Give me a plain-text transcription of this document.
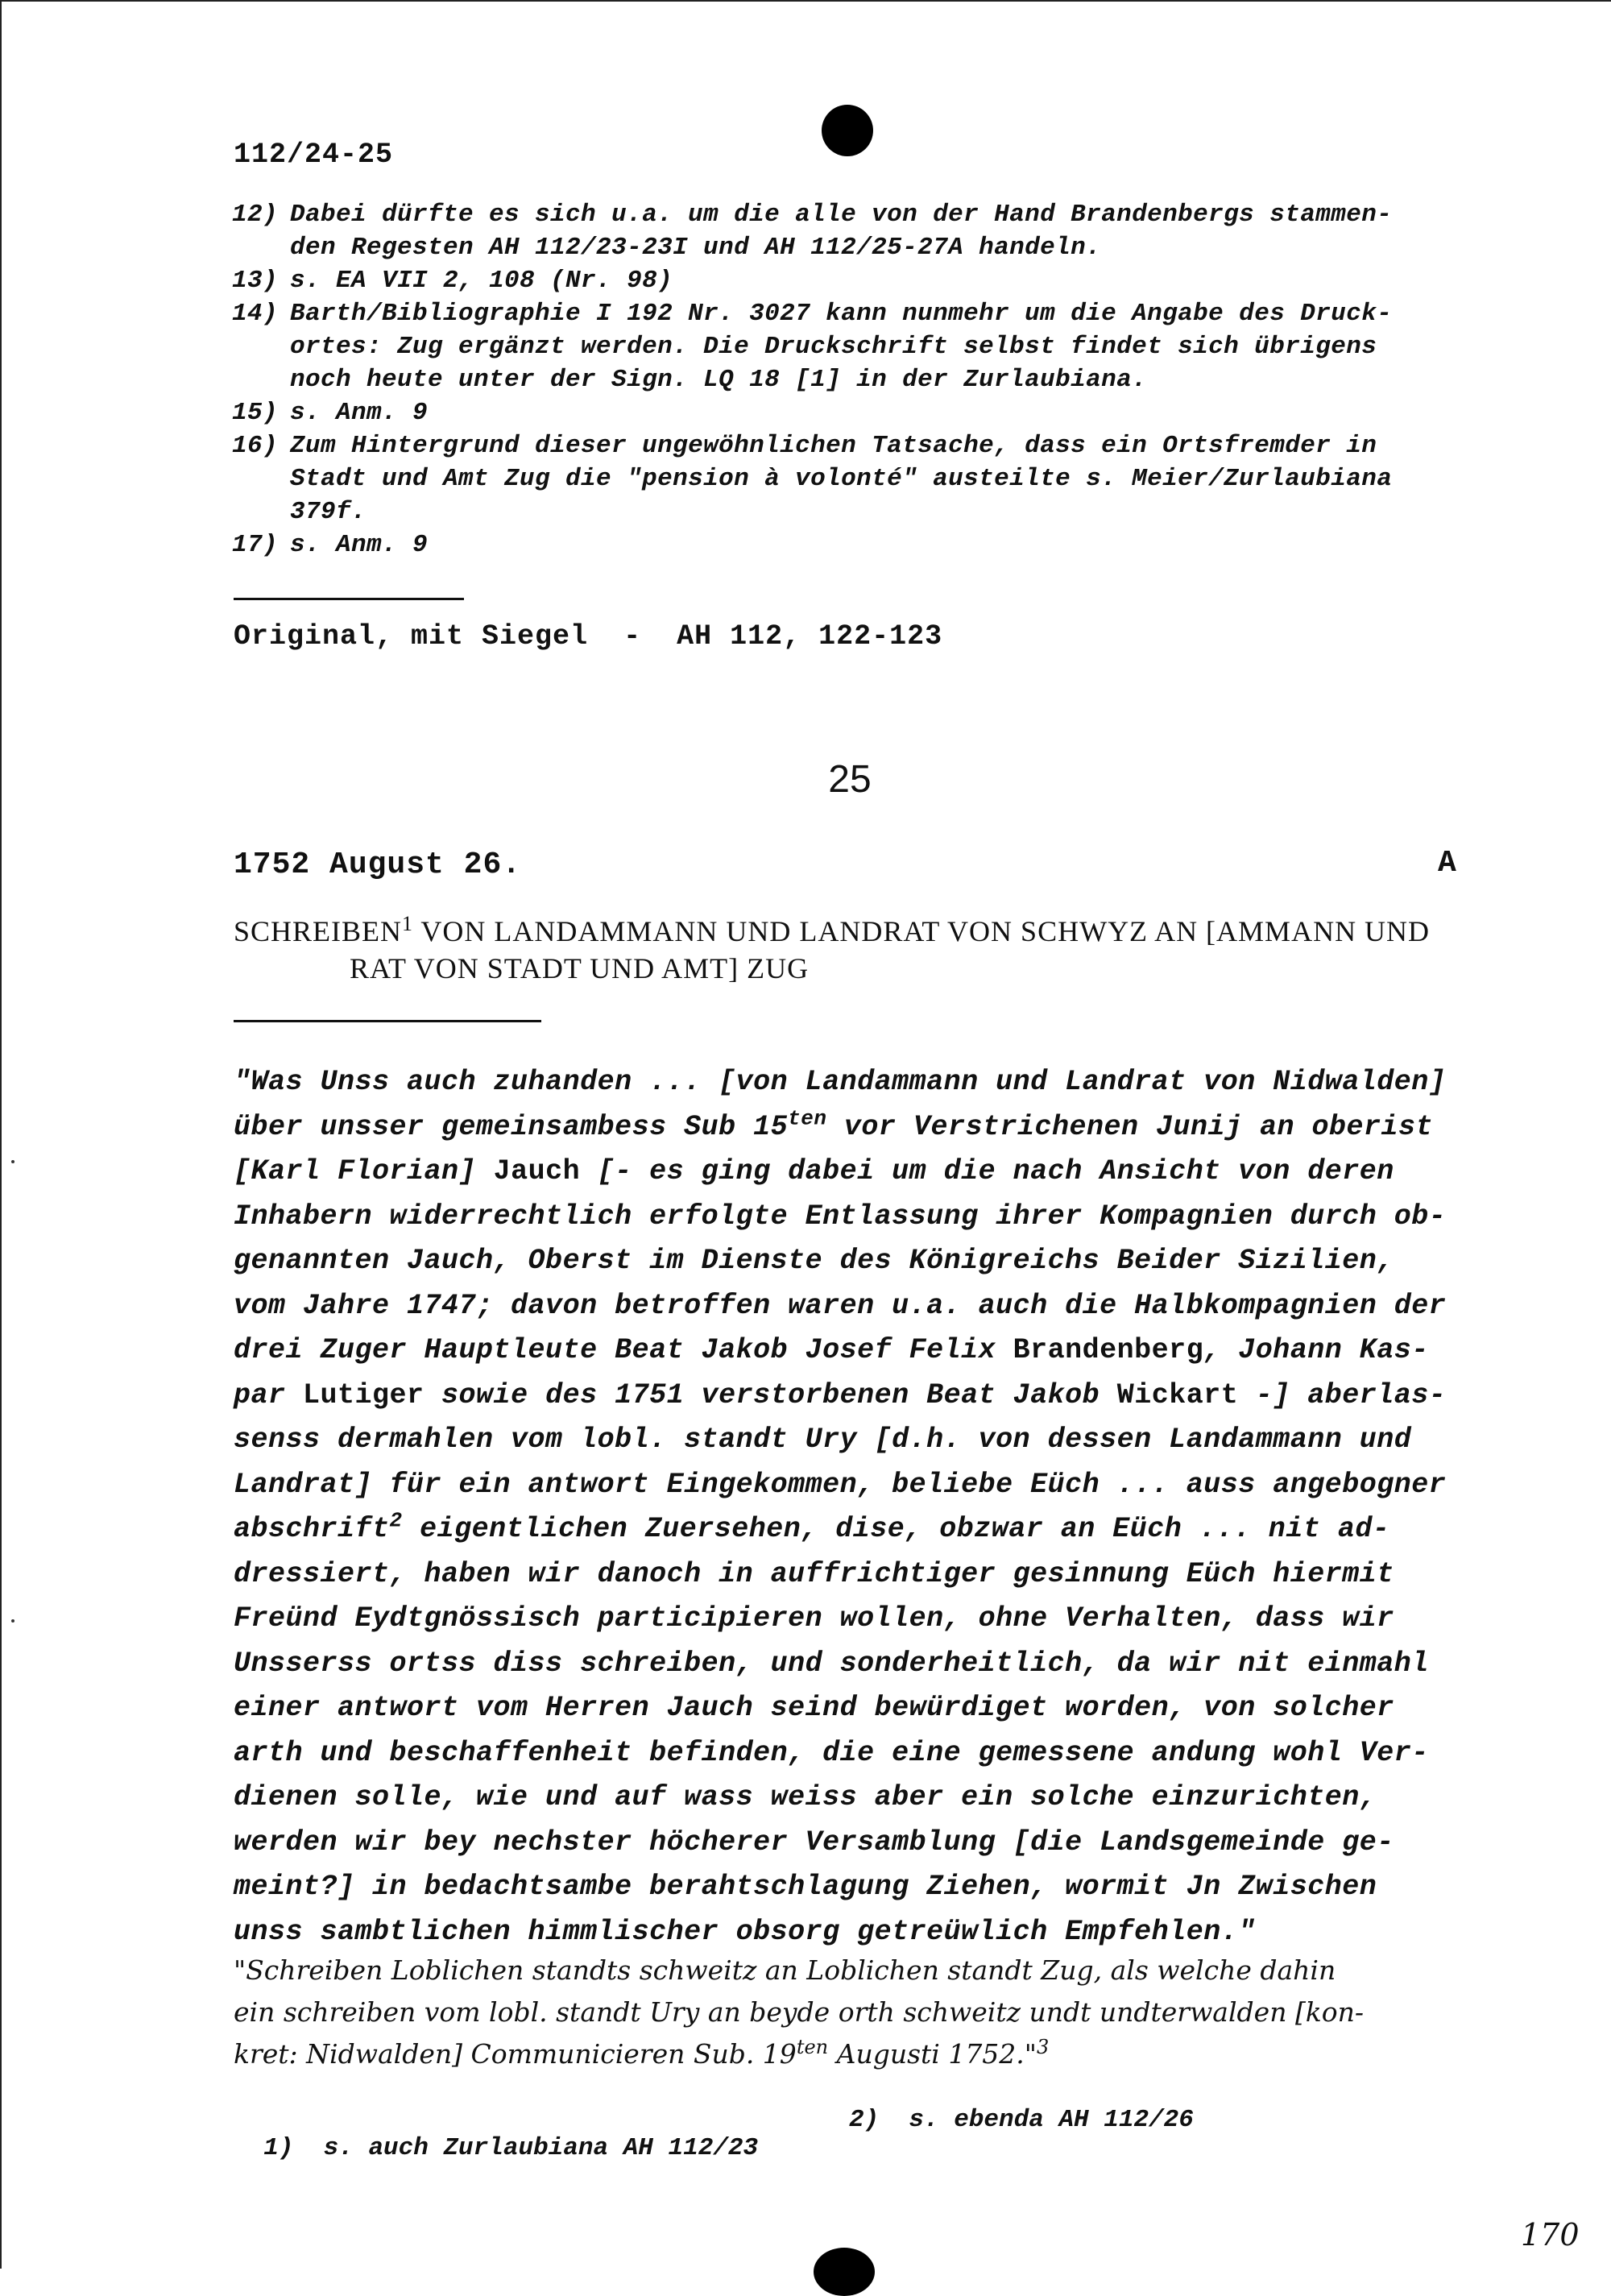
112/24-25
12) Dabei dürfte es sich u.a. um die alle von der Hand Brandenbergs stammen-
den Regesten AH 112/23-23I und AH 112/25-27A handeln.
13) s. EA VII 2, 108 (Nr. 98)
14) Barth/Bibliographie I 192 Nr. 3027 kann nunmehr um die Angabe des Druck-
ortes: Zug ergänzt werden. Die Druckschrift selbst findet sich übrigens
noch heute unter der Sign. LQ 18 [1] in der Zurlaubiana.
15) s. Anm. 9
16) Zum Hintergrund dieser ungewöhnlichen Tatsache, dass ein Ortsfremder in
Stadt und Amt Zug die "pension à volonté" austeilte s. Meier/Zurlaubiana
379f.
17) s. Anm. 9
Original, mit Siegel  -  AH 112, 122-123
25
1752 August 26.	A
SCHREIBEN$^1$ VON LANDAMMANN UND LANDRAT VON SCHWYZ AN [AMMANN UND
RAT VON STADT UND AMT] ZUG
"Was Unss auch zuhanden ... [von Landammann und Landrat von Nidwalden]
über unsser gemeinsambess Sub $15^{ten}$ vor Verstrichenen Junij an oberist
[Karl Florian] Jauch [- es ging dabei um die nach Ansicht von deren
Inhabern widerrechtlich erfolgte Entlassung ihrer Kompagnien durch ob-
genannten Jauch, Oberst im Dienste des Königreichs Beider Sizilien,
vom Jahre 1747; davon betroffen waren u.a. auch die Halbkompagnien der
drei Zuger Hauptleute Beat Jakob Josef Felix Brandenberg, Johann Kas-
par Lutiger sowie des 1751 verstorbenen Beat Jakob Wickart -] aberlas-
senss dermahlen vom lobl. standt Ury [d.h. von dessen Landammann und
Landrat] für ein antwort Eingekommen, beliebe Eüch ... auss angebogner
abschrift$^2$ eigentlichen Zuersehen, dise, obzwar an Eüch ... nit ad-
dressiert, haben wir danoch in auffrichtiger gesinnung Eüch hiermit
Freünd Eydtgnössisch participieren wollen, ohne Verhalten, dass wir
Unsserss ortss diss schreiben, und sonderheitlich, da wir nit einmahl
einer antwort vom Herren Jauch seind bewürdiget worden, von solcher
arth und beschaffenheit befinden, die eine gemessene andung wohl Ver-
dienen solle, wie und auf wass weiss aber ein solche einzurichten,
werden wir bey nechster höcherer Versamblung [die Landsgemeinde ge-
meint?] in bedachtsambe berahtschlagung Ziehen, wormit Jn Zwischen
unss sambtlichen himmlischer obsorg getreüwlich Empfehlen."
"Schreiben Loblichen standts schweitz an Loblichen standt Zug, als welche dahin
ein schreiben vom lobl. standt Ury an beyde orth schweitz undt undterwalden [kon-
kret: Nidwalden] Communicieren Sub. $19^{ten}$ Augusti 1752."$^3$

1)  s. auch Zurlaubiana AH 112/23
2)  s. ebenda AH 112/26

170
